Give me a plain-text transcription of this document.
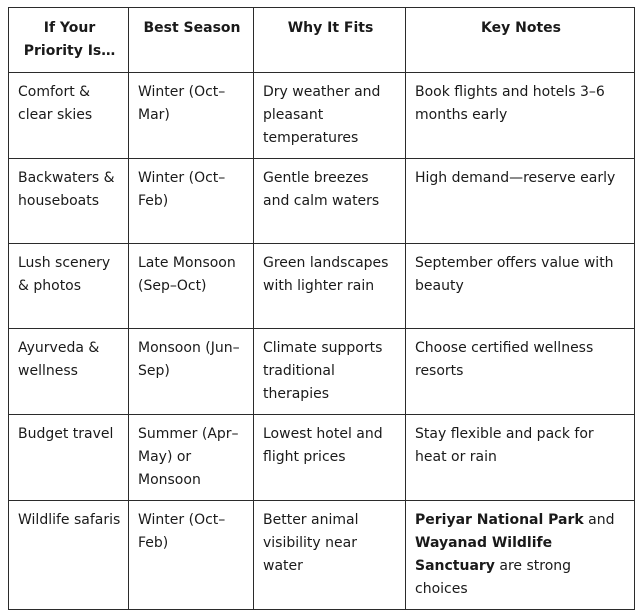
If Your Priority Is…	Best Season	Why It Fits	Key Notes
Comfort & clear skies	Winter (Oct–Mar)	Dry weather and pleasant temperatures	Book flights and hotels 3–6 months early
Backwaters & houseboats	Winter (Oct–Feb)	Gentle breezes and calm waters	High demand—reserve early
Lush scenery & photos	Late Monsoon (Sep–Oct)	Green landscapes with lighter rain	September offers value with beauty
Ayurveda & wellness	Monsoon (Jun–Sep)	Climate supports traditional therapies	Choose certified wellness resorts
Budget travel	Summer (Apr–May) or Monsoon	Lowest hotel and flight prices	Stay flexible and pack for heat or rain
Wildlife safaris	Winter (Oct–Feb)	Better animal visibility near water	Periyar National Park and Wayanad Wildlife Sanctuary are strong choices
